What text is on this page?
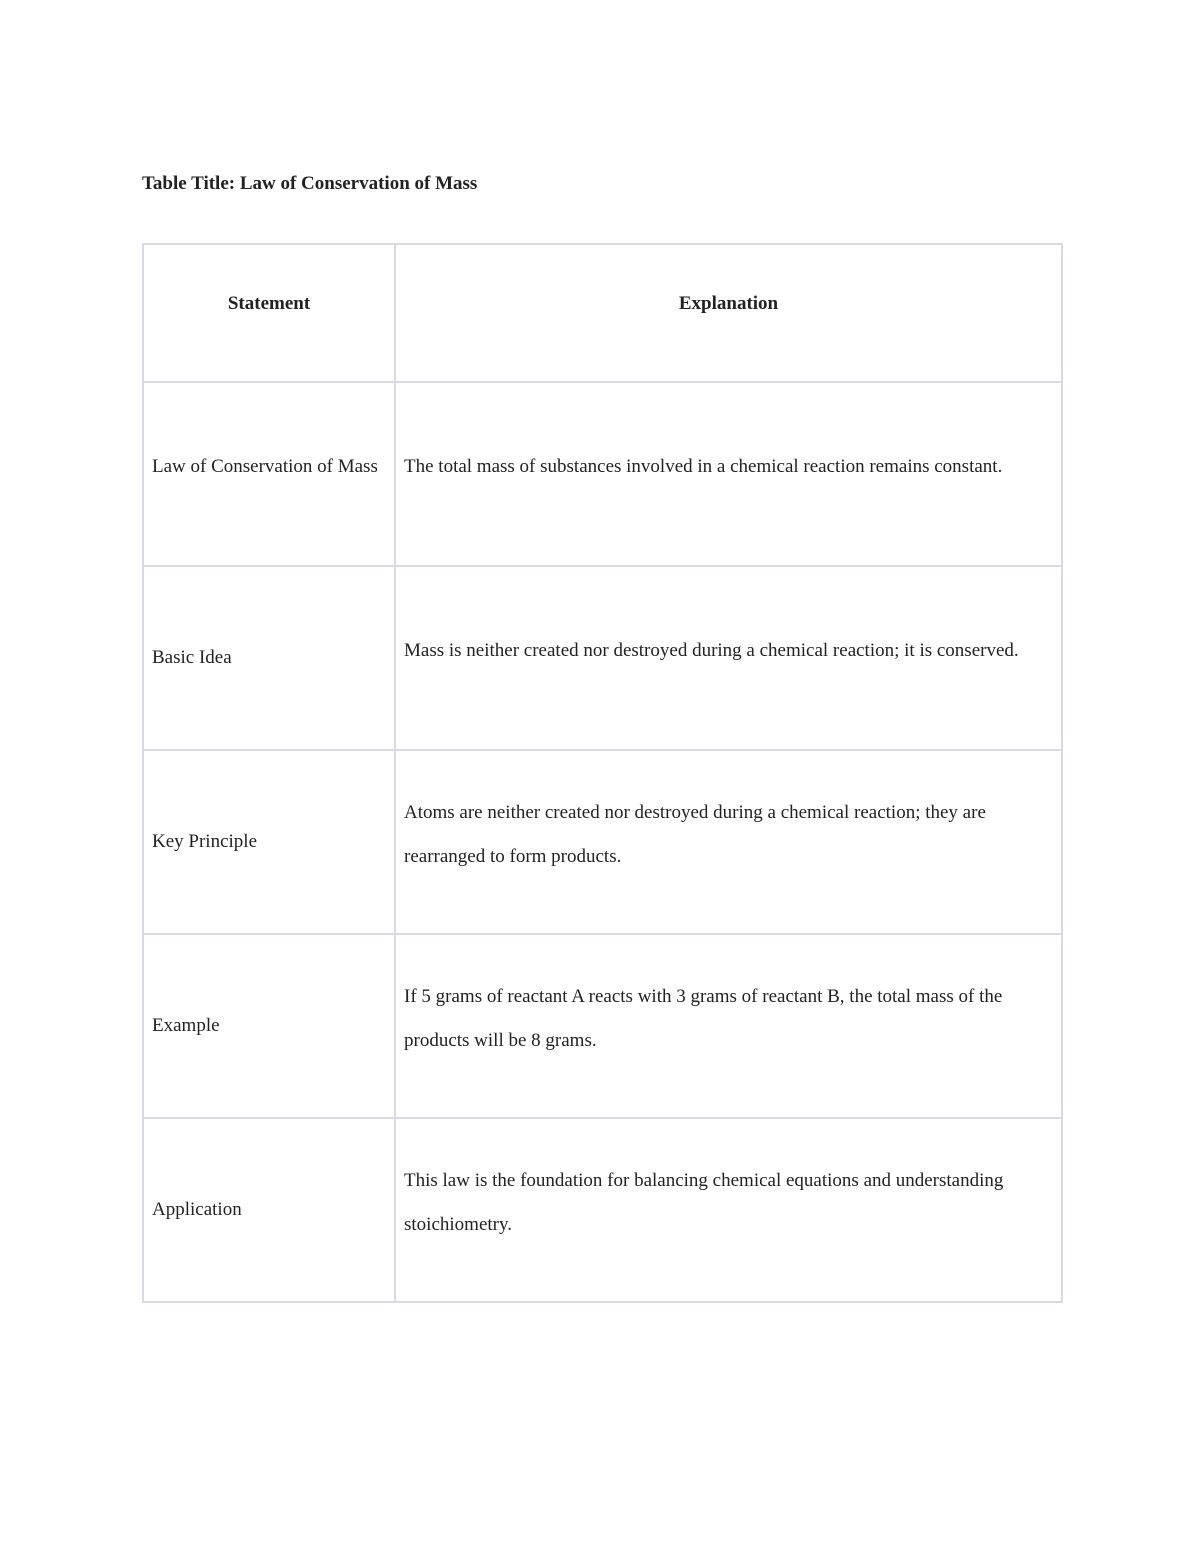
Table Title: Law of Conservation of Mass
Statement	Explanation

Law of Conservation of Mass	The total mass of substances involved in a chemical reaction remains constant.

Basic Idea	Mass is neither created nor destroyed during a chemical reaction; it is conserved.

Key Principle	Atoms are neither created nor destroyed during a chemical reaction; they are rearranged to form products.

Example	If 5 grams of reactant A reacts with 3 grams of reactant B, the total mass of the products will be 8 grams.

Application	This law is the foundation for balancing chemical equations and understanding stoichiometry.
